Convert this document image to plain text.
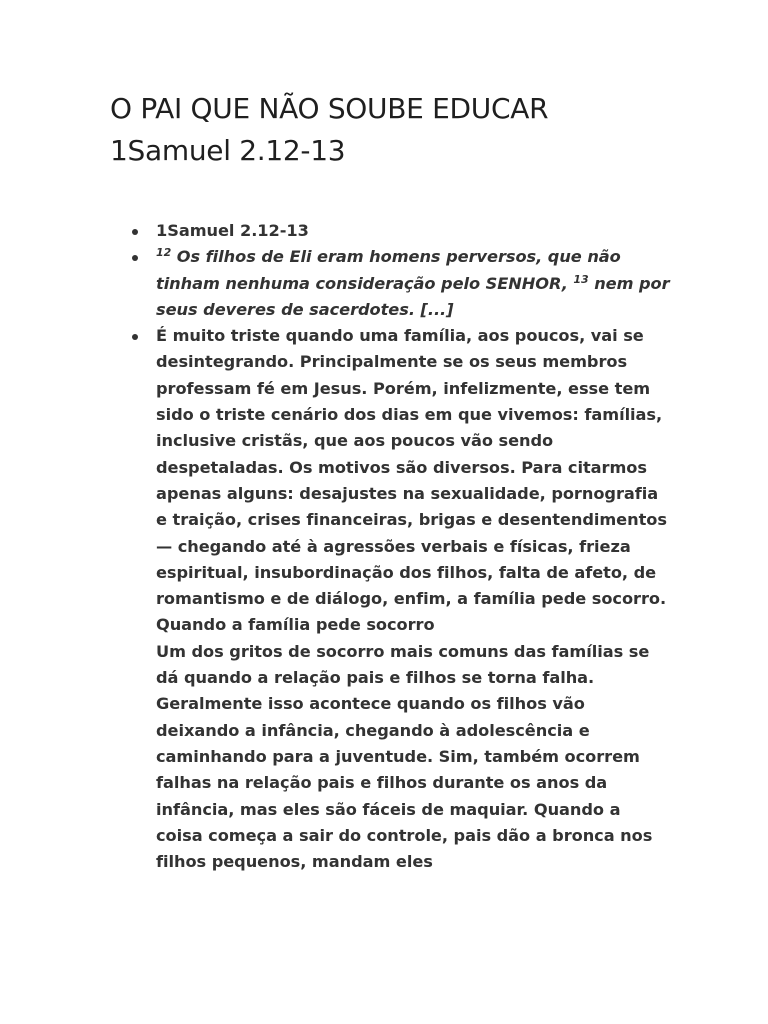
O PAI QUE NÃO SOUBE EDUCAR
1Samuel 2.12-13
1Samuel 2.12-13
$^{12}$ Os filhos de Eli eram homens perversos, que não tinham nenhuma consideração pelo SENHOR, $^{13}$ nem por seus deveres de sacerdotes. [...]
É muito triste quando uma família, aos poucos, vai se desintegrando. Principalmente se os seus membros professam fé em Jesus. Porém, infelizmente, esse tem sido o triste cenário dos dias em que vivemos: famílias, inclusive cristãs, que aos poucos vão sendo despetaladas. Os motivos são diversos. Para citarmos apenas alguns: desajustes na sexualidade, pornografia e traição, crises financeiras, brigas e desentendimentos — chegando até à agressões verbais e físicas, frieza espiritual, insubordinação dos filhos, falta de afeto, de romantismo e de diálogo, enfim, a família pede socorro.
Quando a família pede socorro
Um dos gritos de socorro mais comuns das famílias se dá quando a relação pais e filhos se torna falha. Geralmente isso acontece quando os filhos vão deixando a infância, chegando à adolescência e caminhando para a juventude. Sim, também ocorrem falhas na relação pais e filhos durante os anos da infância, mas eles são fáceis de maquiar. Quando a coisa começa a sair do controle, pais dão a bronca nos filhos pequenos, mandam eles
